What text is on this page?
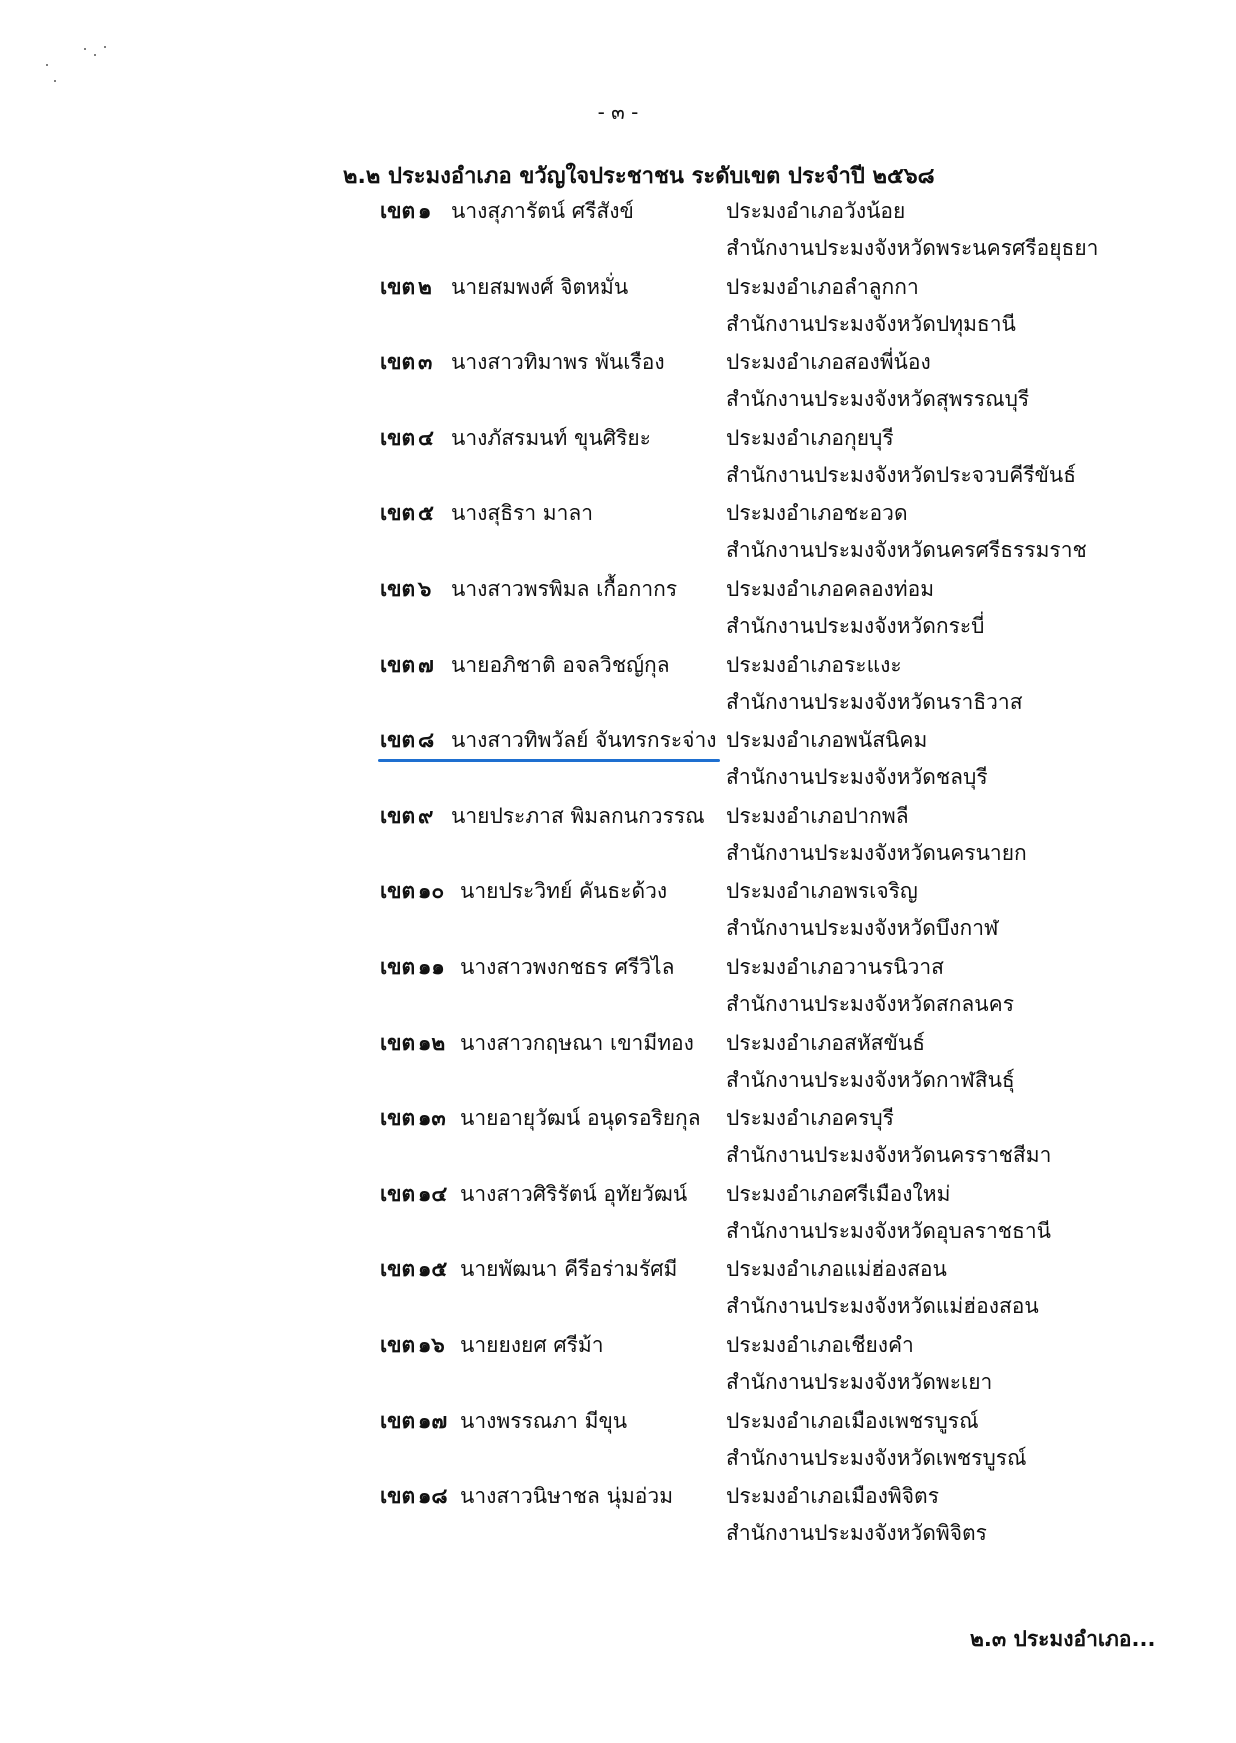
- ๓ -
๒.๒ ประมงอำเภอ ขวัญใจประชาชน ระดับเขต ประจำปี ๒๕๖๘
เขต ๑ นางสุภารัตน์ ศรีสังข์	ประมงอำเภอวังน้อย
สำนักงานประมงจังหวัดพระนครศรีอยุธยา
เขต ๒ นายสมพงศ์ จิตหมั่น	ประมงอำเภอลำลูกกา
สำนักงานประมงจังหวัดปทุมธานี
เขต ๓ นางสาวทิมาพร พันเรือง	ประมงอำเภอสองพี่น้อง
สำนักงานประมงจังหวัดสุพรรณบุรี
เขต ๔ นางภัสรมนท์ ขุนศิริยะ	ประมงอำเภอกุยบุรี
สำนักงานประมงจังหวัดประจวบคีรีขันธ์
เขต ๕ นางสุธิรา มาลา	ประมงอำเภอชะอวด
สำนักงานประมงจังหวัดนครศรีธรรมราช
เขต ๖ นางสาวพรพิมล เกื้อกากร ประมงอำเภอคลองท่อม
สำนักงานประมงจังหวัดกระบี่
เขต ๗ นายอภิชาติ อจลวิชญ์กุล	ประมงอำเภอระแงะ
สำนักงานประมงจังหวัดนราธิวาส
เขต ๘ นางสาวทิพวัลย์ จันทรกระจ่าง ประมงอำเภอพนัสนิคม
สำนักงานประมงจังหวัดชลบุรี
เขต ๙ นายประภาส พิมลกนกวรรณ ประมงอำเภอปากพลี
สำนักงานประมงจังหวัดนครนายก
เขต ๑๐ นายประวิทย์ คันธะด้วง	ประมงอำเภอพรเจริญ
สำนักงานประมงจังหวัดบึงกาฬ
เขต ๑๑ นางสาวพงกชธร ศรีวิไล ประมงอำเภอวานรนิวาส
สำนักงานประมงจังหวัดสกลนคร
เขต ๑๒ นางสาวกฤษณา เขามีทอง ประมงอำเภอสหัสขันธ์
สำนักงานประมงจังหวัดกาฬสินธุ์
เขต ๑๓ นายอายุวัฒน์ อนุดรอริยกุล ประมงอำเภอครบุรี
สำนักงานประมงจังหวัดนครราชสีมา
เขต ๑๔ นางสาวศิริรัตน์ อุทัยวัฒน์ ประมงอำเภอศรีเมืองใหม่
สำนักงานประมงจังหวัดอุบลราชธานี
เขต ๑๕ นายพัฒนา คีรีอร่ามรัศมี ประมงอำเภอแม่ฮ่องสอน
สำนักงานประมงจังหวัดแม่ฮ่องสอน
เขต ๑๖ นายยงยศ ศรีม้า	ประมงอำเภอเชียงคำ
สำนักงานประมงจังหวัดพะเยา
เขต ๑๗ นางพรรณภา มีขุน	ประมงอำเภอเมืองเพชรบูรณ์
สำนักงานประมงจังหวัดเพชรบูรณ์
เขต ๑๘ นางสาวนิษาชล นุ่มอ่วม	ประมงอำเภอเมืองพิจิตร
สำนักงานประมงจังหวัดพิจิตร
๒.๓ ประมงอำเภอ...
